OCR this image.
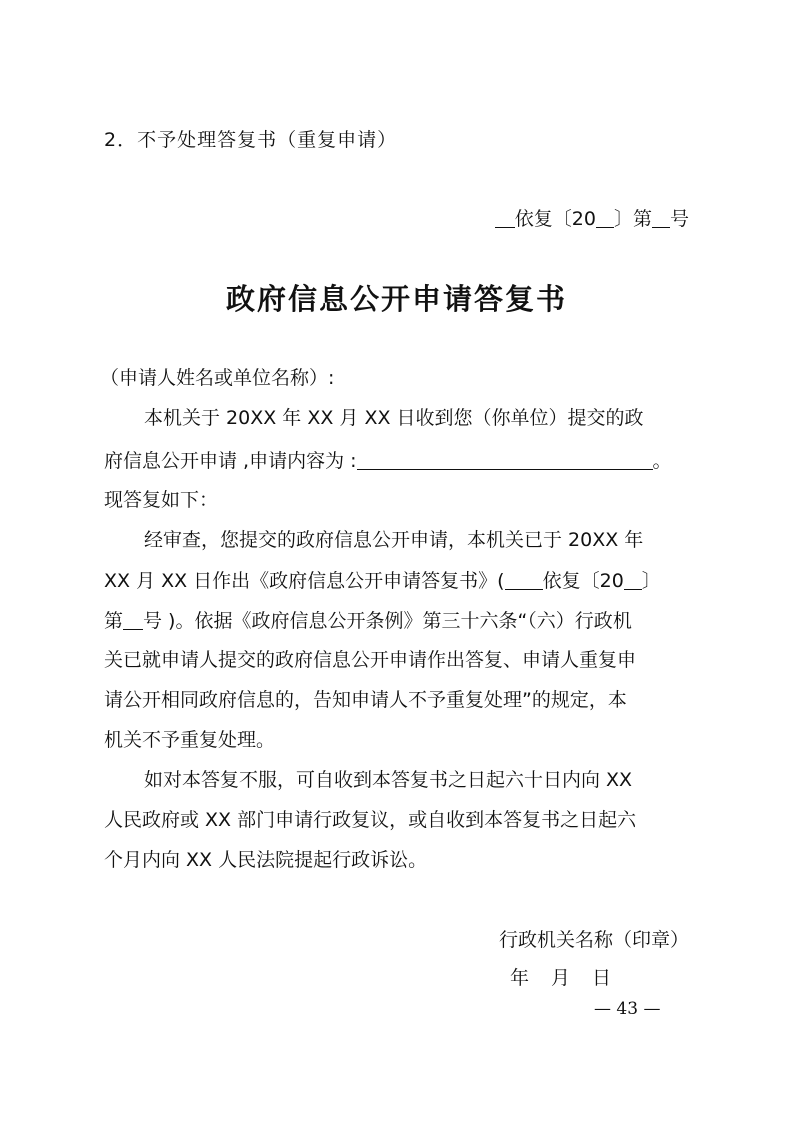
2．不予处理答复书（重复申请）
依复〔20 〕第 号
政府信息公开申请答复书
（申请人姓名或单位名称）:
本机关于 20XX 年 XX 月 XX 日收到您（你单位）提交的政
府信息公开申请 ,申请内容为 :	。
现答复如下：
经审查，您提交的政府信息公开申请，本机关已于 20XX 年
XX 月 XX 日作出《政府信息公开申请答复书》( 依复〔20 〕
第 号 )。依据《政府信息公开条例》第三十六条“（六）行政机
关已就申请人提交的政府信息公开申请作出答复、申请人重复申
请公开相同政府信息的，告知申请人不予重复处理”的规定，本
机关不予重复处理。
如对本答复不服，可自收到本答复书之日起六十日内向 XX
人民政府或 XX 部门申请行政复议，或自收到本答复书之日起六
个月内向 XX 人民法院提起行政诉讼。
行政机关名称（印章）
年 月 日
— 43 —
